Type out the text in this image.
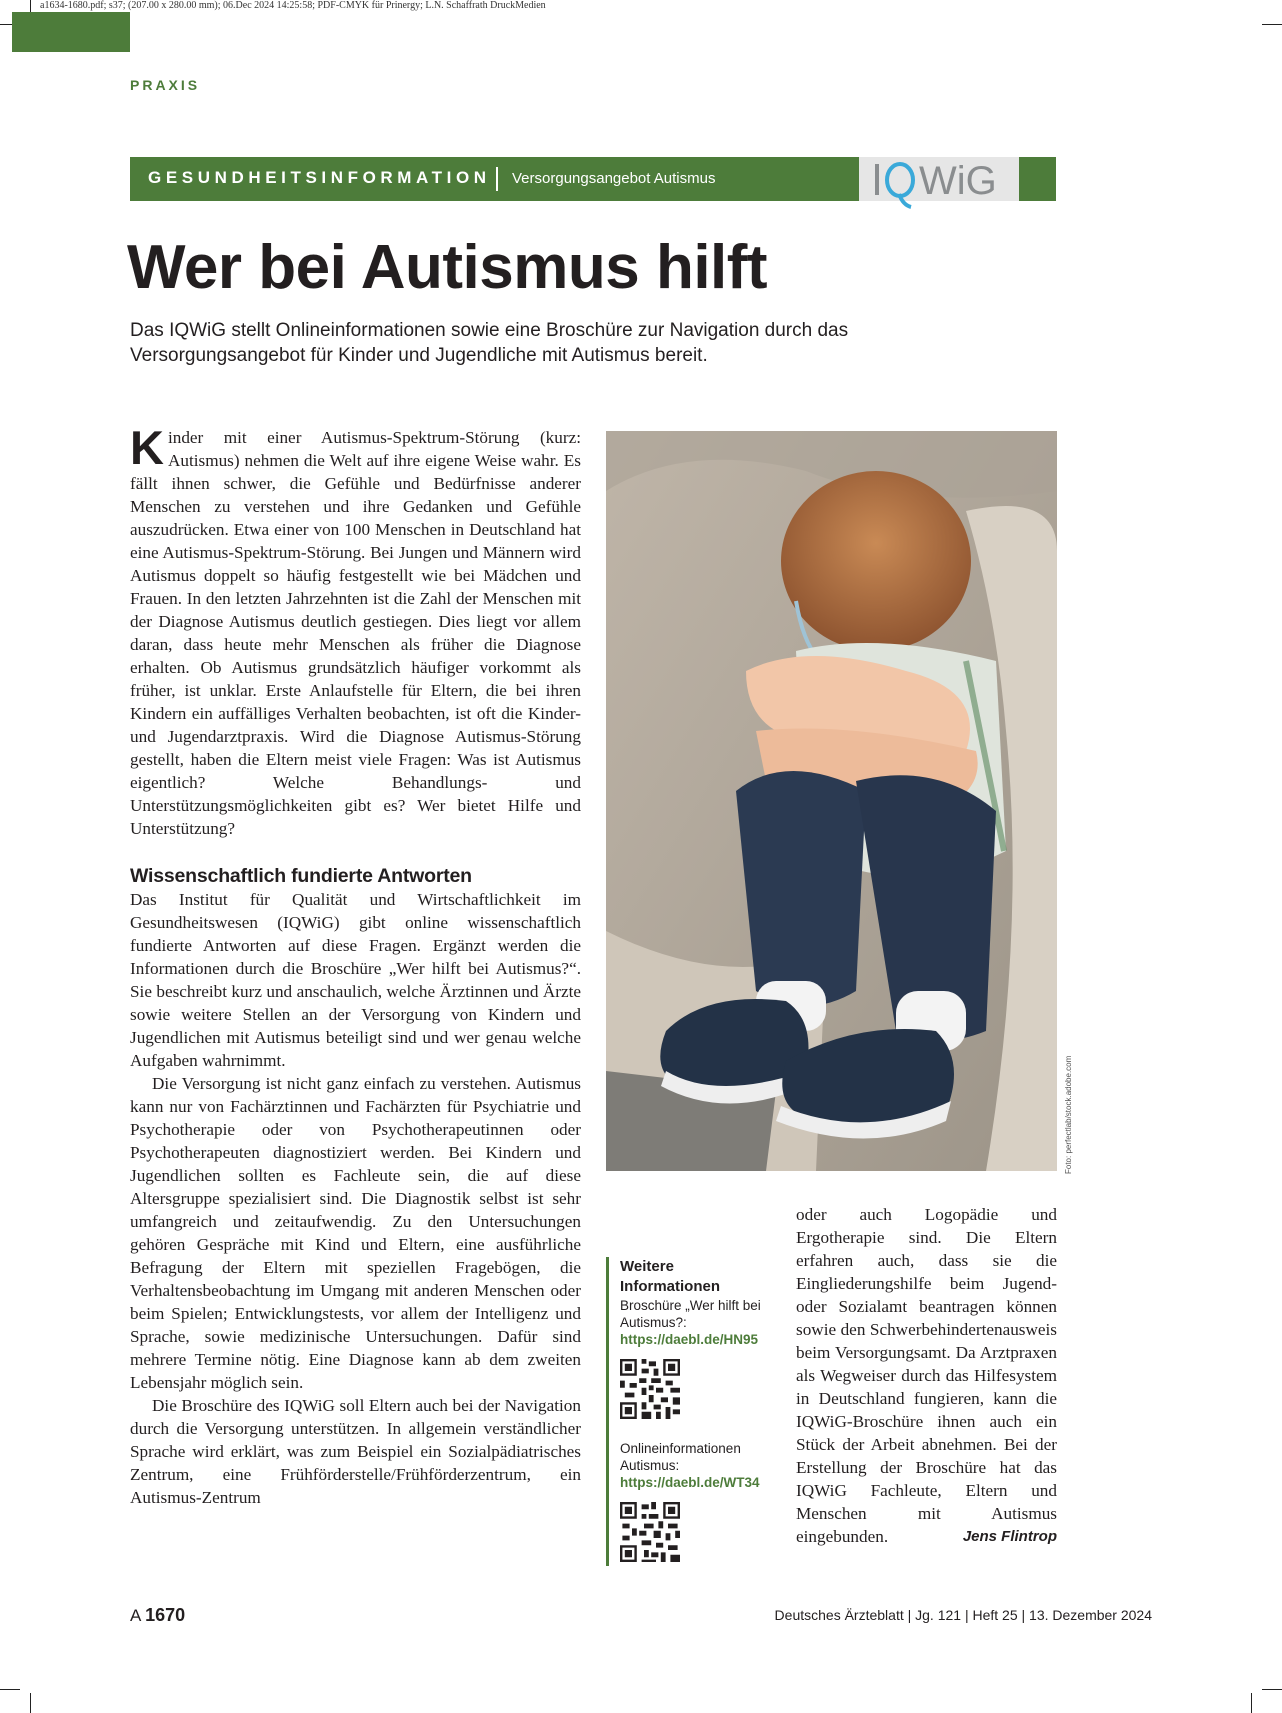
a1634-1680.pdf; s37; (207.00 x 280.00 mm); 06.Dec 2024 14:25:58; PDF-CMYK für Prinergy; L.N. Schaffrath DruckMedien
PRAXIS
GESUNDHEITSINFORMATION Versorgungsangebot Autismus	WiG
Wer bei Autismus hilft

Das IQWiG stellt Onlineinformationen sowie eine Broschüre zur Navigation durch das Versorgungsangebot für Kinder und Jugendliche mit Autismus bereit.

Kinder mit einer Autismus-Spektrum-Störung (kurz: Autismus) nehmen die Welt auf ihre eigene Weise wahr. Es fällt ihnen schwer, die Gefühle und Bedürfnisse anderer Menschen zu verstehen und ihre Gedanken und Gefühle auszudrücken. Etwa einer von 100 Menschen in Deutschland hat eine Autismus-Spektrum-Störung. Bei Jungen und Männern wird Autismus doppelt so häufig festgestellt wie bei Mädchen und Frauen. In den letzten Jahrzehnten ist die Zahl der Menschen mit der Diagnose Autismus deutlich gestiegen. Dies liegt vor allem daran, dass heute mehr Menschen als früher die Diagnose erhalten. Ob Autismus grundsätzlich häufiger vorkommt als früher, ist unklar. Erste Anlaufstelle für Eltern, die bei ihren Kindern ein auffälliges Verhalten beobachten, ist oft die Kinder- und Jugendarztpraxis. Wird die Diagnose Autismus-Störung gestellt, haben die Eltern meist viele Fragen: Was ist Autismus eigentlich? Welche Behandlungs- und Unterstützungsmöglichkeiten gibt es? Wer bietet Hilfe und Unterstützung?

Wissenschaftlich fundierte Antworten

Das Institut für Qualität und Wirtschaftlichkeit im Gesundheitswesen (IQWiG) gibt online wissenschaftlich fundierte Antworten auf diese Fragen. Ergänzt werden die Informationen durch die Broschüre „Wer hilft bei Autismus?“. Sie beschreibt kurz und anschaulich, welche Ärztinnen und Ärzte sowie weitere Stellen an der Versorgung von Kindern und Jugendlichen mit Autismus beteiligt sind und wer genau welche Aufgaben wahrnimmt.

Die Versorgung ist nicht ganz einfach zu verstehen. Autismus kann nur von Fachärztinnen und Fachärzten für Psychiatrie und Psychotherapie oder von Psychotherapeutinnen oder Psychotherapeuten diagnostiziert werden. Bei Kindern und Jugendlichen sollten es Fachleute sein, die auf diese Altersgruppe spezialisiert sind. Die Diagnostik selbst ist sehr umfangreich und zeitaufwendig. Zu den Untersuchungen gehören Gespräche mit Kind und Eltern, eine ausführliche Befragung der Eltern mit speziellen Fragebögen, die Verhaltensbeobachtung im Umgang mit anderen Menschen oder beim Spielen; Entwicklungstests, vor allem der Intelligenz und Sprache, sowie medizinische Untersuchungen. Dafür sind mehrere Termine nötig. Eine Diagnose kann ab dem zweiten Lebensjahr möglich sein.

Die Broschüre des IQWiG soll Eltern auch bei der Navigation durch die Versorgung unterstützen. In allgemein verständlicher Sprache wird erklärt, was zum Beispiel ein Sozialpädiatrisches Zentrum, eine Frühförderstelle/Frühförderzentrum, ein Autismus-Zentrum

Foto: perfectlab/stock.adobe.com
Weitere Informationen
Broschüre „Wer hilft bei Autismus?:
https://daebl.de/HN95
Onlineinformationen Autismus:
https://daebl.de/WT34
oder auch Logopädie und Ergotherapie sind. Die Eltern erfahren auch, dass sie die Eingliederungshilfe beim Jugend- oder Sozialamt beantragen können sowie den Schwerbehindertenausweis beim Versorgungsamt. Da Arztpraxen als Wegweiser durch das Hilfesystem in Deutschland fungieren, kann die IQWiG-Broschüre ihnen auch ein Stück der Arbeit abnehmen. Bei der Erstellung der Broschüre hat das IQWiG Fachleute, Eltern und Menschen mit Autismus eingebunden.	Jens Flintrop
A 1670	Deutsches Ärzteblatt | Jg. 121 | Heft 25 | 13. Dezember 2024
